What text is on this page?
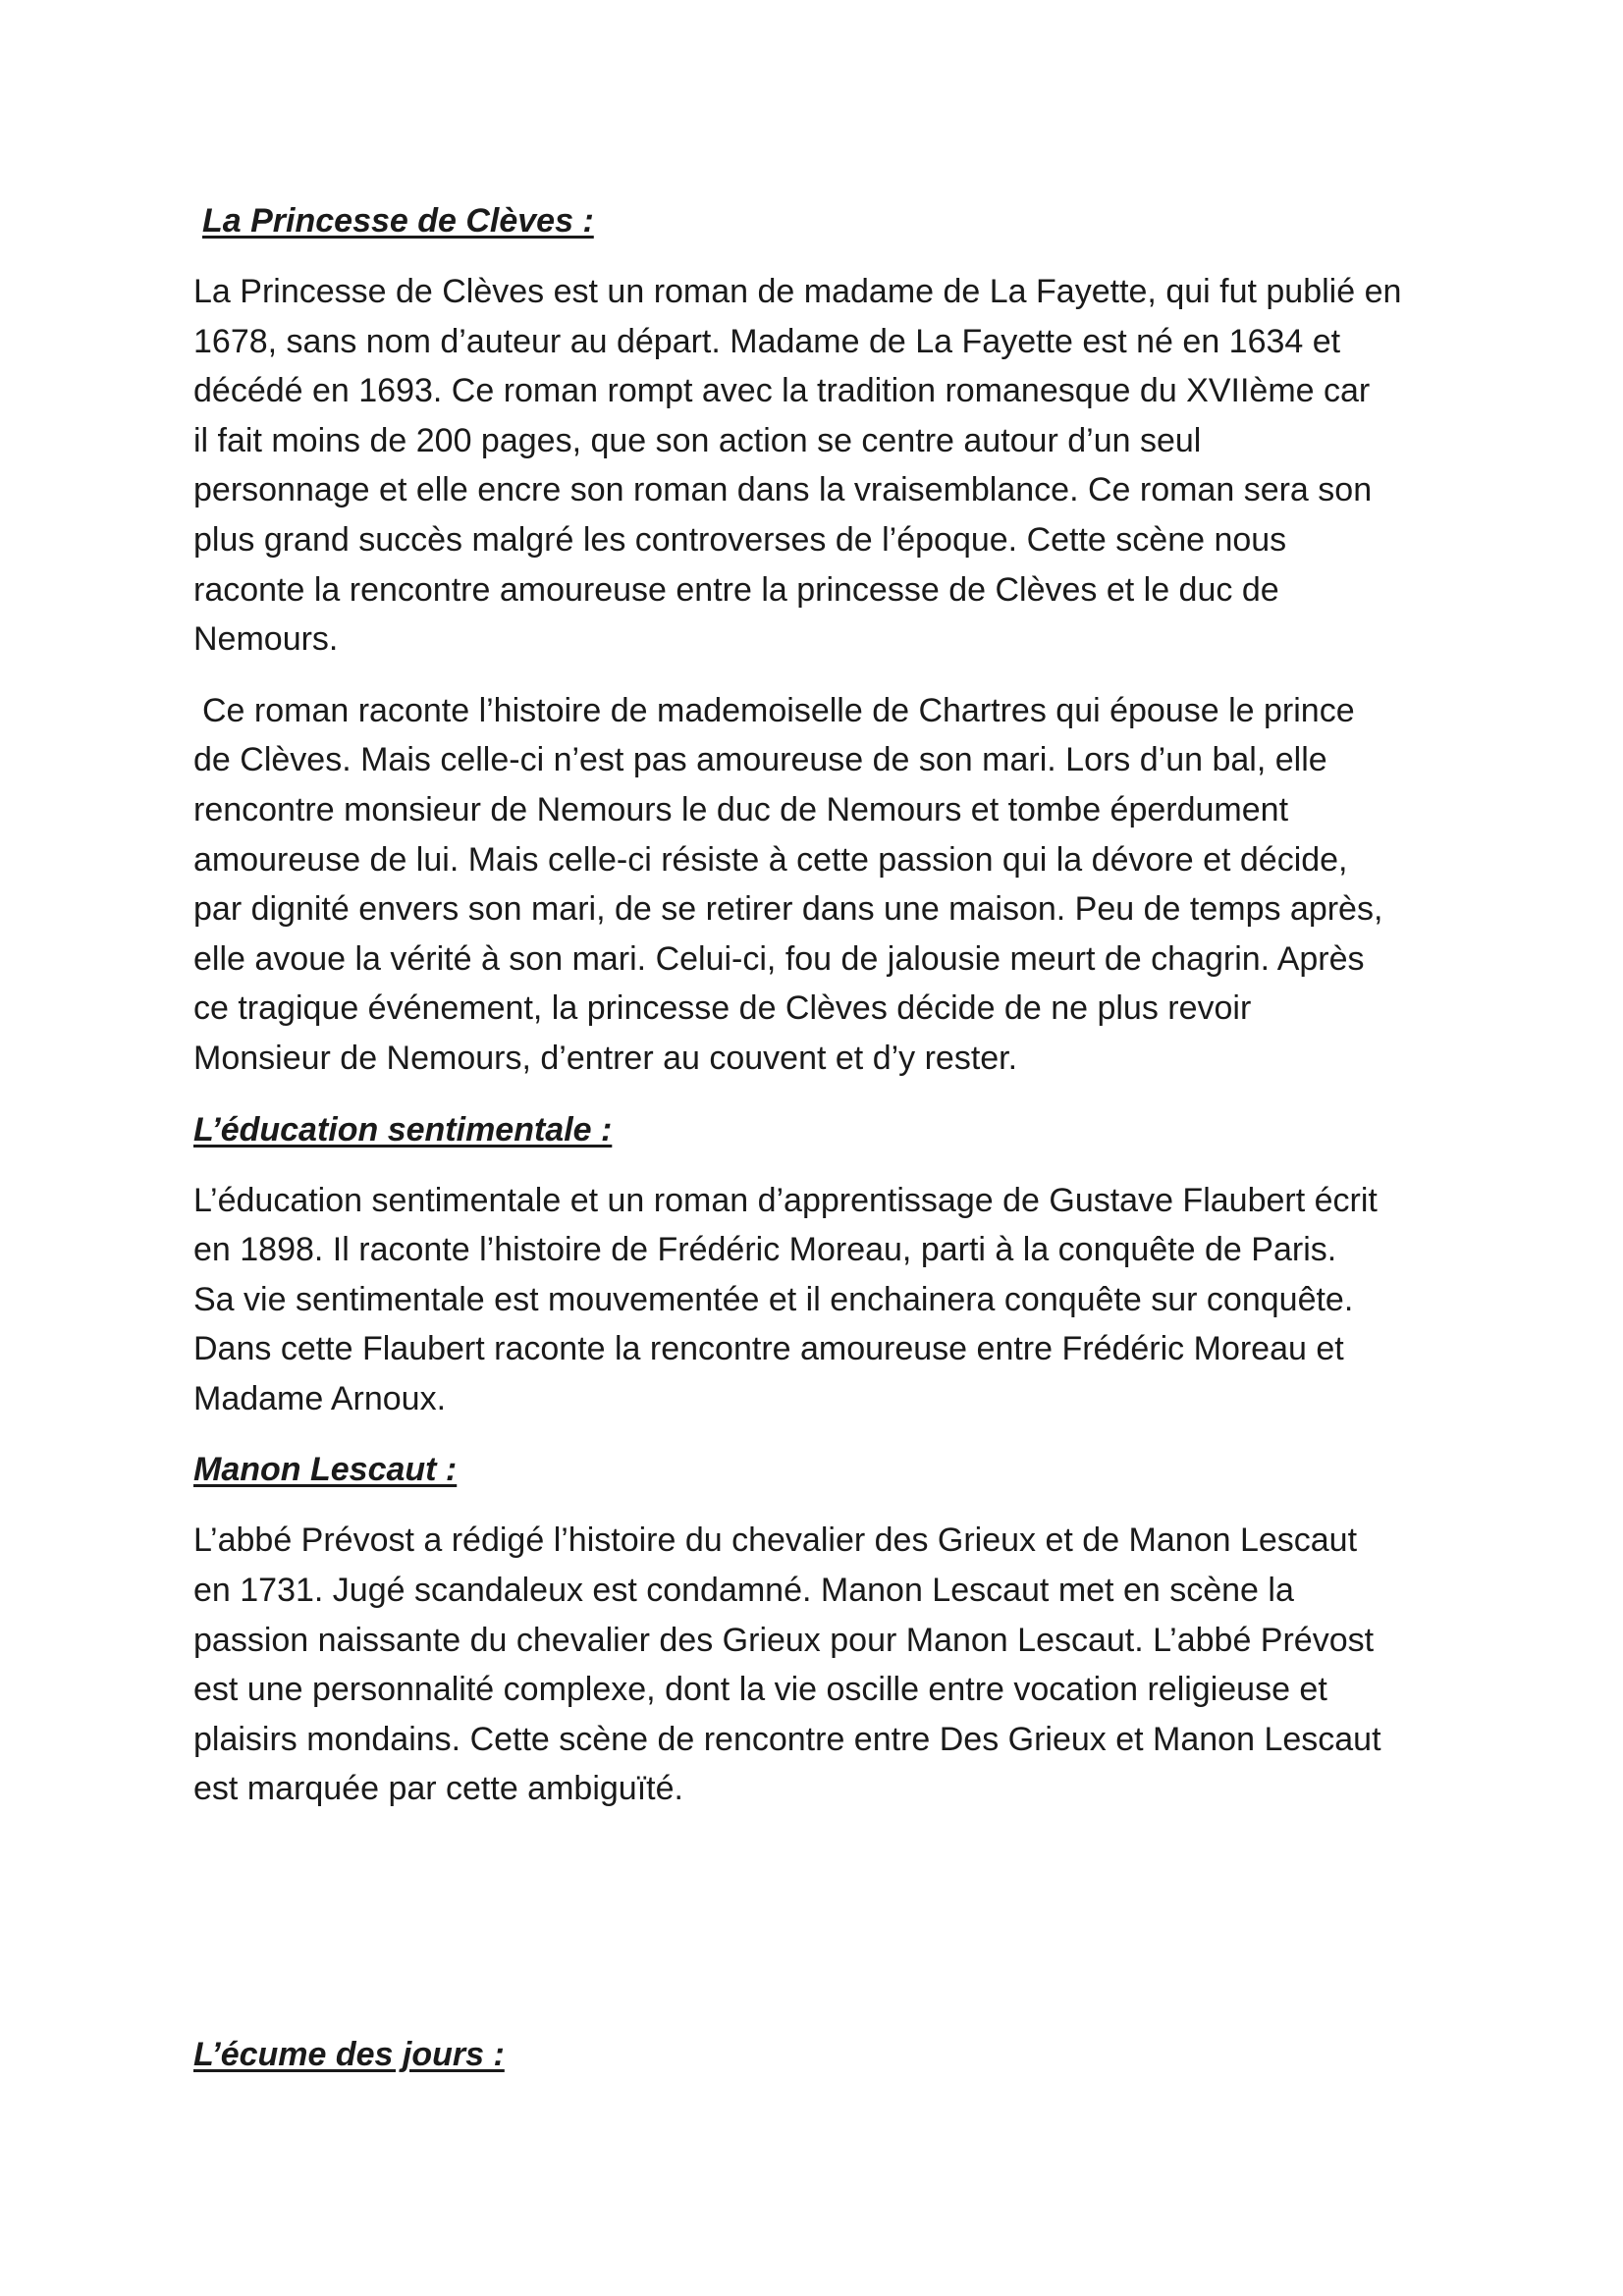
La Princesse de Clèves :
La Princesse de Clèves est un roman de madame de La Fayette, qui fut publié en
1678, sans nom d’auteur au départ. Madame de La Fayette est né en 1634 et
décédé en 1693. Ce roman rompt avec la tradition romanesque du XVIIème car
il fait moins de 200 pages, que son action se centre autour d’un seul
personnage et elle encre son roman dans la vraisemblance. Ce roman sera son
plus grand succès malgré les controverses de l’époque. Cette scène nous
raconte la rencontre amoureuse entre la princesse de Clèves et le duc de
Nemours.
Ce roman raconte l’histoire de mademoiselle de Chartres qui épouse le prince
de Clèves. Mais celle-ci n’est pas amoureuse de son mari. Lors d’un bal, elle
rencontre monsieur de Nemours le duc de Nemours et tombe éperdument
amoureuse de lui. Mais celle-ci résiste à cette passion qui la dévore et décide,
par dignité envers son mari, de se retirer dans une maison. Peu de temps après,
elle avoue la vérité à son mari. Celui-ci, fou de jalousie meurt de chagrin. Après
ce tragique événement, la princesse de Clèves décide de ne plus revoir
Monsieur de Nemours, d’entrer au couvent et d’y rester.
L’éducation sentimentale :
L’éducation sentimentale et un roman d’apprentissage de Gustave Flaubert écrit
en 1898. Il raconte l’histoire de Frédéric Moreau, parti à la conquête de Paris.
Sa vie sentimentale est mouvementée et il enchainera conquête sur conquête.
Dans cette Flaubert raconte la rencontre amoureuse entre Frédéric Moreau et
Madame Arnoux.
Manon Lescaut :
L’abbé Prévost a rédigé l’histoire du chevalier des Grieux et de Manon Lescaut
en 1731. Jugé scandaleux est condamné. Manon Lescaut met en scène la
passion naissante du chevalier des Grieux pour Manon Lescaut. L’abbé Prévost
est une personnalité complexe, dont la vie oscille entre vocation religieuse et
plaisirs mondains. Cette scène de rencontre entre Des Grieux et Manon Lescaut
est marquée par cette ambiguïté.
L’écume des jours :
